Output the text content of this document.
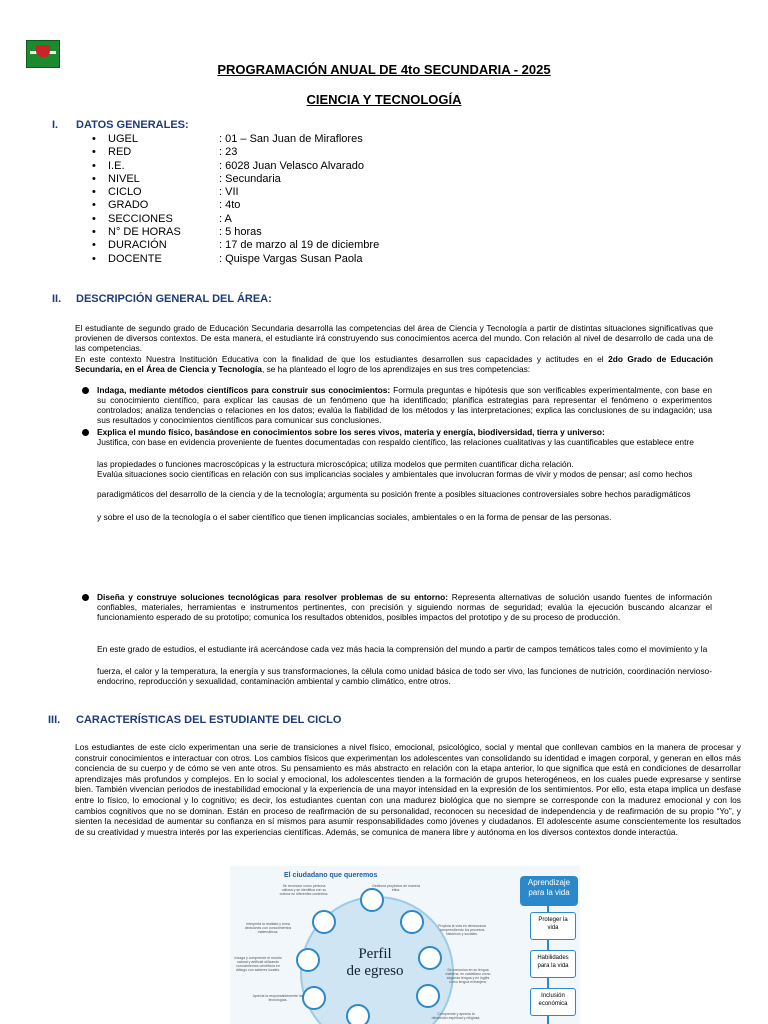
PROGRAMACIÓN ANUAL DE 4to SECUNDARIA - 2025
CIENCIA Y TECNOLOGÍA
I. DATOS GENERALES:
• UGEL	: 01 – San Juan de Miraflores
• RED	: 23
• I.E.	: 6028 Juan Velasco Alvarado
• NIVEL	: Secundaria
• CICLO	: VII
• GRADO	: 4to
• SECCIONES	: A
• N° DE HORAS	: 5 horas
• DURACIÓN	: 17 de marzo al 19 de diciembre
• DOCENTE	: Quispe Vargas Susan Paola
II. DESCRIPCIÓN GENERAL DEL ÁREA:
El estudiante de segundo grado de Educación Secundaria desarrolla las competencias del área de Ciencia y Tecnología a partir de distintas situaciones significativas que provienen de diversos contextos. De esta manera, el estudiante irá construyendo sus conocimientos acerca del mundo. Con relación al nivel de desarrollo de cada una de las competencias.
En este contexto Nuestra Institución Educativa con la finalidad de que los estudiantes desarrollen sus capacidades y actitudes en el 2do Grado de Educación Secundaria, en el Área de Ciencia y Tecnología, se ha planteado el logro de los aprendizajes en sus tres competencias:
Indaga, mediante métodos científicos para construir sus conocimientos: Formula preguntas e hipótesis que son verificables experimentalmente, con base en su conocimiento científico, para explicar las causas de un fenómeno que ha identificado; planifica estrategias para representar el fenómeno o experimentos controlados; analiza tendencias o relaciones en los datos; evalúa la fiabilidad de los métodos y las interpretaciones; explica las conclusiones de su indagación; usa sus resultados y conocimientos científicos para comunicar sus conclusiones.
Explica el mundo físico, basándose en conocimientos sobre los seres vivos, materia y energía, biodiversidad, tierra y universo:
Justifica, con base en evidencia proveniente de fuentes documentadas con respaldo científico, las relaciones cualitativas y las cuantificables que establece entre
las propiedades o funciones macroscópicas y la estructura microscópica; utiliza modelos que permiten cuantificar dicha relación.
Evalúa situaciones socio científicas en relación con sus implicancias sociales y ambientales que involucran formas de vivir y modos de pensar; así como hechos
paradigmáticos del desarrollo de la ciencia y de la tecnología; argumenta su posición frente a posibles situaciones controversiales sobre hechos paradigmáticos
y sobre el uso de la tecnología o el saber científico que tienen implicancias sociales, ambientales o en la forma de pensar de las personas.
Diseña y construye soluciones tecnológicas para resolver problemas de su entorno: Representa alternativas de solución usando fuentes de información confiables, materiales, herramientas e instrumentos pertinentes, con precisión y siguiendo normas de seguridad; evalúa la ejecución buscando alcanzar el funcionamiento esperado de su prototipo; comunica los resultados obtenidos, posibles impactos del prototipo y de su proceso de producción.
En este grado de estudios, el estudiante irá acercándose cada vez más hacia la comprensión del mundo a partir de campos temáticos tales como el movimiento y la
fuerza, el calor y la temperatura, la energía y sus transformaciones, la célula como unidad básica de todo ser vivo, las funciones de nutrición, coordinación nervioso-endocrino, reproducción y sexualidad, contaminación ambiental y cambio climático, entre otros.
III. CARACTERÍSTICAS DEL ESTUDIANTE DEL CICLO
Los estudiantes de este ciclo experimentan una serie de transiciones a nivel físico, emocional, psicológico, social y mental que conllevan cambios en la manera de procesar y construir conocimientos e interactuar con otros. Los cambios físicos que experimentan los adolescentes van consolidando su identidad e imagen corporal, y generan en ellos más conciencia de su cuerpo y de cómo se ven ante otros. Su pensamiento es más abstracto en relación con la etapa anterior, lo que significa que está en condiciones de desarrollar aprendizajes más profundos y complejos. En lo social y emocional, los adolescentes tienden a la formación de grupos heterogéneos, en los cuales puede expresarse y sentirse bien. También vivencian periodos de inestabilidad emocional y la experiencia de una mayor intensidad en la expresión de los sentimientos. Por ello, esta etapa implica un desfase entre lo físico, lo emocional y lo cognitivo; es decir, los estudiantes cuentan con una madurez biológica que no siempre se corresponde con la madurez emocional y con los cambios cognitivos que no se dominan. Están en proceso de reafirmación de su personalidad, reconocen su necesidad de independencia y de reafirmación de su propio “Yo”, y sienten la necesidad de aumentar su confianza en sí mismos para asumir responsabilidades como jóvenes y ciudadanos. El adolescente asume conscientemente los resultados de su creatividad y muestra interés por las experiencias científicas. Además, se comunica de manera libre y autónoma en los diversos contextos donde interactúa.
El ciudadano que queremos
Perfil
de egreso
Se reconoce como persona valiosa y se identifica con su cultura en diferentes contextos.
Interpreta la realidad y toma decisiones con conocimientos matemáticos.
Indaga y comprende el mundo natural y artificial utilizando conocimientos científicos en diálogo con saberes locales.
Aprecia la responsablemente las tecnologías.
Gestiona proyectos de manera ética.
Propicia la vida en democracia comprendiendo los procesos históricos y sociales.
Se comunica en su lengua materna, en castellano como segunda lengua y en inglés como lengua extranjera.
Comprende y aprecia la dimensión espiritual y religiosa.
Aprendizaje
para la vida
Proteger la
vida
Habilidades
para la vida
Inclusión
económica
